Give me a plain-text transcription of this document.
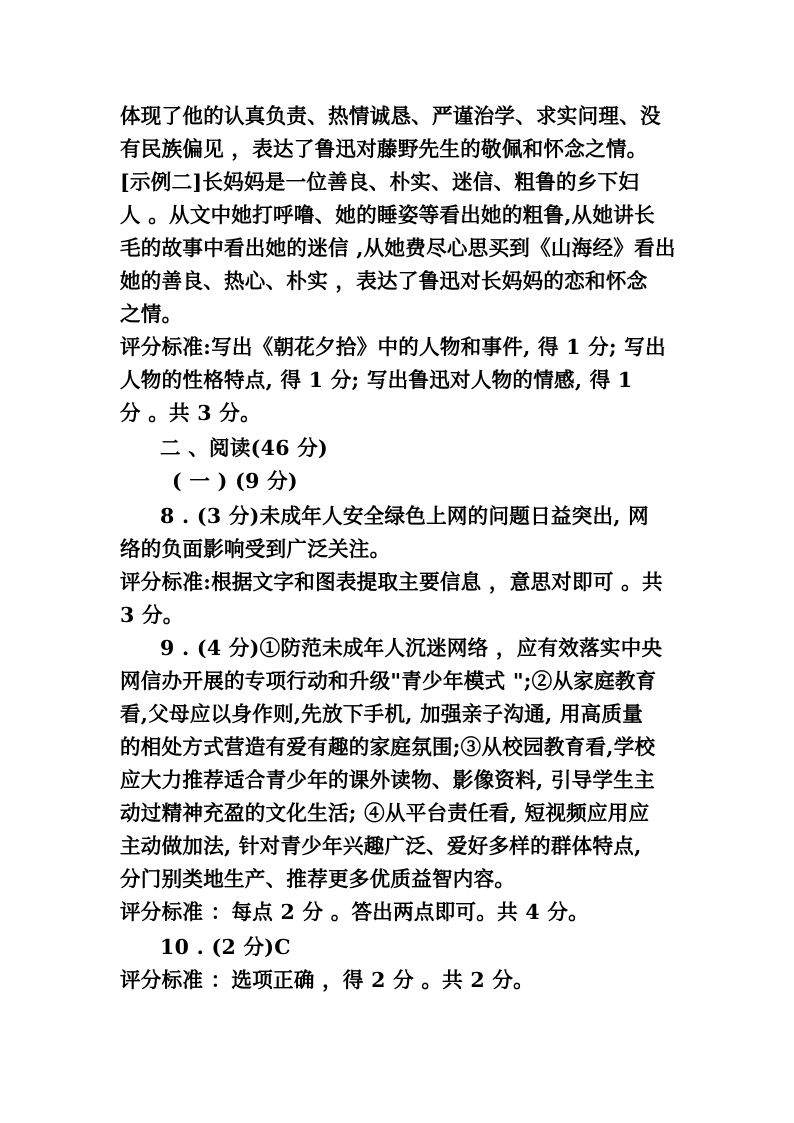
体现了他的认真负责、热情诚恳、严谨治学、求实问理、没
有民族偏见 ，表达了鲁迅对藤野先生的敬佩和怀念之情。
[示例二]长妈妈是一位善良、朴实、迷信、粗鲁的乡下妇
人 。从文中她打呼噜、她的睡姿等看出她的粗鲁,从她讲长
毛的故事中看出她的迷信 ,从她费尽心思买到《山海经》看出
她的善良、热心、朴实 ，表达了鲁迅对长妈妈的恋和怀念
之情。
评分标准:写出《朝花夕拾》中的人物和事件, 得 1 分; 写出
人物的性格特点, 得 1 分; 写出鲁迅对人物的情感, 得 1
分 。共 3 分。
二 、阅读(46 分)
( 一 ) (9 分)
8 . (3 分)未成年人安全绿色上网的问题日益突出, 网
络的负面影响受到广泛关注。
评分标准:根据文字和图表提取主要信息 ，意思对即可 。共
3 分。
9 . (4 分)①防范未成年人沉迷网络 ，应有效落实中央
网信办开展的专项行动和升级"青少年模式 ";②从家庭教育
看,父母应以身作则,先放下手机, 加强亲子沟通, 用高质量
的相处方式营造有爱有趣的家庭氛围;③从校园教育看,学校
应大力推荐适合青少年的课外读物、影像资料, 引导学生主
动过精神充盈的文化生活; ④从平台责任看, 短视频应用应
主动做加法, 针对青少年兴趣广泛、爱好多样的群体特点,
分门别类地生产、推荐更多优质益智内容。
评分标准 ：每点 2 分 。答出两点即可。共 4 分。
10 . (2 分)C
评分标准 ：选项正确 ，得 2 分 。共 2 分。
